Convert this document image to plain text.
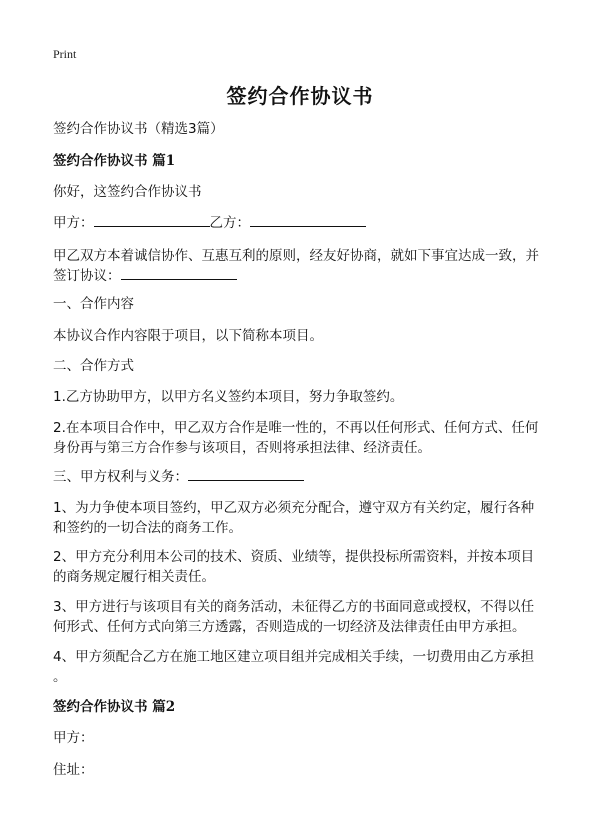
Print
签约合作协议书
签约合作协议书（精选3篇）
签约合作协议书 篇1
你好，这签约合作协议书
甲方：	乙方：
甲乙双方本着诚信协作、互惠互利的原则，经友好协商，就如下事宜达成一致，并
签订协议：
一、合作内容
本协议合作内容限于项目，以下简称本项目。
二、合作方式
1.乙方协助甲方，以甲方名义签约本项目，努力争取签约。
2.在本项目合作中，甲乙双方合作是唯一性的，不再以任何形式、任何方式、任何
身份再与第三方合作参与该项目，否则将承担法律、经济责任。
三、甲方权利与义务：
1、为力争使本项目签约，甲乙双方必须充分配合，遵守双方有关约定，履行各种
和签约的一切合法的商务工作。
2、甲方充分利用本公司的技术、资质、业绩等，提供投标所需资料，并按本项目
的商务规定履行相关责任。
3、甲方进行与该项目有关的商务活动，未征得乙方的书面同意或授权，不得以任
何形式、任何方式向第三方透露，否则造成的一切经济及法律责任由甲方承担。
4、甲方须配合乙方在施工地区建立项目组并完成相关手续，一切费用由乙方承担
。
签约合作协议书 篇2
甲方：
住址：
